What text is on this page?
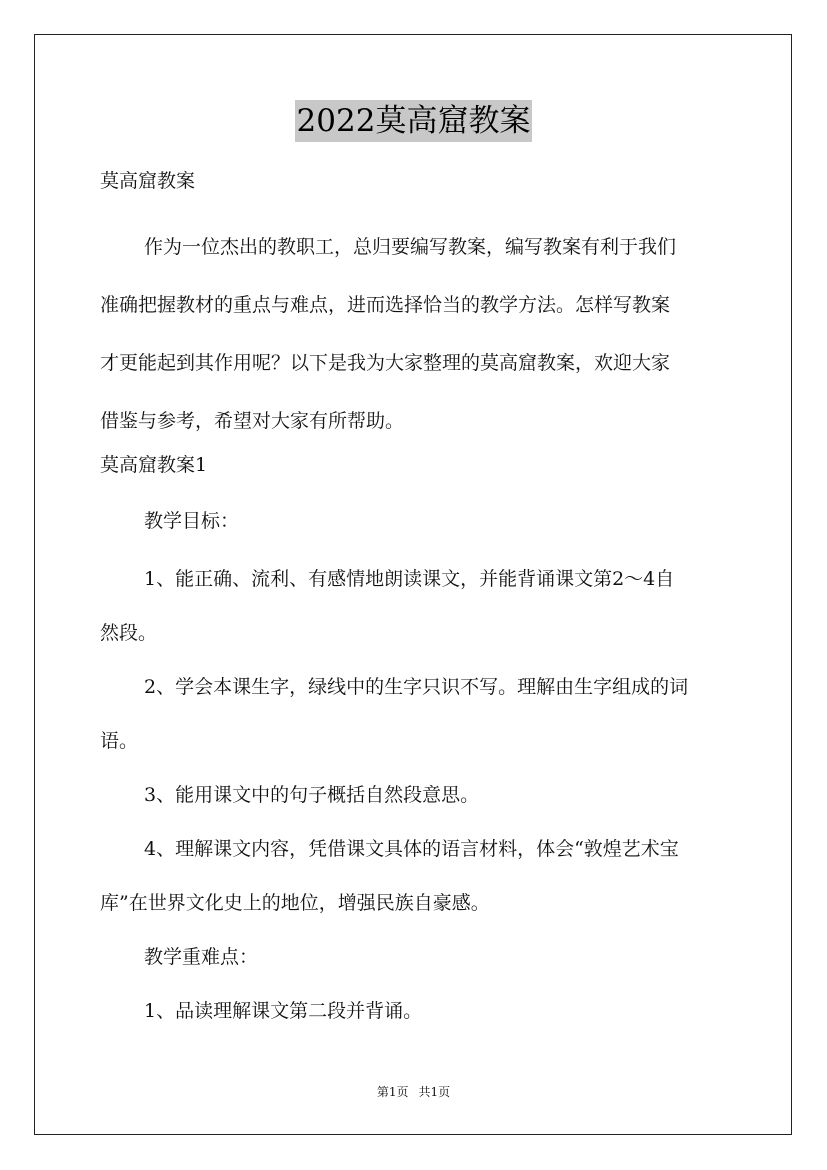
2022莫高窟教案

莫高窟教案

作为一位杰出的教职工，总归要编写教案，编写教案有利于我们

准确把握教材的重点与难点，进而选择恰当的教学方法。怎样写教案

才更能起到其作用呢？以下是我为大家整理的莫高窟教案，欢迎大家

借鉴与参考，希望对大家有所帮助。

莫高窟教案1

教学目标：

1、能正确、流利、有感情地朗读课文，并能背诵课文第2～4自

然段。

2、学会本课生字，绿线中的生字只识不写。理解由生字组成的词

语。

3、能用课文中的句子概括自然段意思。

4、理解课文内容，凭借课文具体的语言材料，体会“敦煌艺术宝

库”在世界文化史上的地位，增强民族自豪感。

教学重难点：

1、品读理解课文第二段并背诵。

第1页 共1页
